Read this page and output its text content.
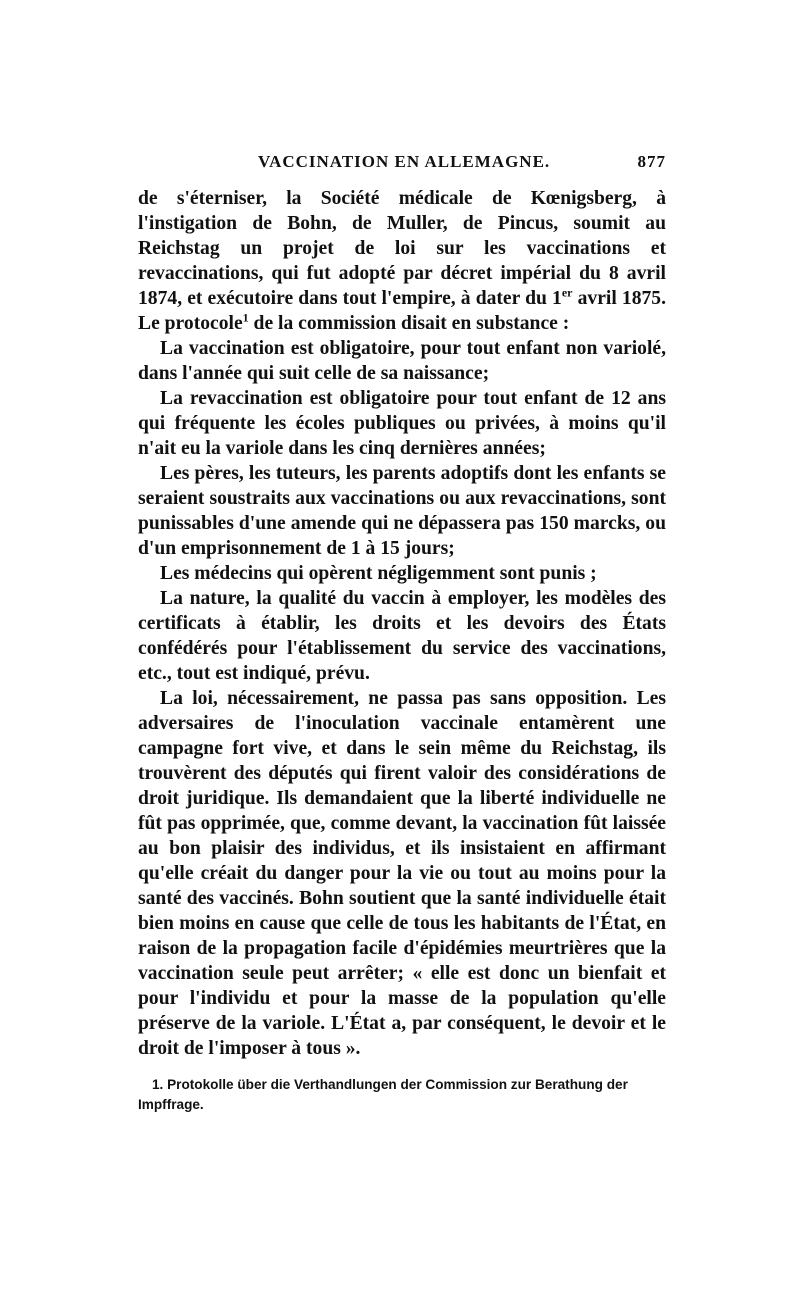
VACCINATION EN ALLEMAGNE.	877

de s'éterniser, la Société médicale de Kœnigsberg, à l'instigation de Bohn, de Muller, de Pincus, soumit au Reichstag un projet de loi sur les vaccinations et revaccinations, qui fut adopté par décret impérial du 8 avril 1874, et exécutoire dans tout l'empire, à dater du 1er avril 1875. Le protocole$^1$ de la commission disait en substance :

La vaccination est obligatoire, pour tout enfant non variolé, dans l'année qui suit celle de sa naissance;

La revaccination est obligatoire pour tout enfant de 12 ans qui fréquente les écoles publiques ou privées, à moins qu'il n'ait eu la variole dans les cinq dernières années;

Les pères, les tuteurs, les parents adoptifs dont les enfants se seraient soustraits aux vaccinations ou aux revaccinations, sont punissables d'une amende qui ne dépassera pas 150 marcks, ou d'un emprisonnement de 1 à 15 jours;

Les médecins qui opèrent négligemment sont punis ;

La nature, la qualité du vaccin à employer, les modèles des certificats à établir, les droits et les devoirs des États confédérés pour l'établissement du service des vaccinations, etc., tout est indiqué, prévu.

La loi, nécessairement, ne passa pas sans opposition. Les adversaires de l'inoculation vaccinale entamèrent une campagne fort vive, et dans le sein même du Reichstag, ils trouvèrent des députés qui firent valoir des considérations de droit juridique. Ils demandaient que la liberté individuelle ne fût pas opprimée, que, comme devant, la vaccination fût laissée au bon plaisir des individus, et ils insistaient en affirmant qu'elle créait du danger pour la vie ou tout au moins pour la santé des vaccinés. Bohn soutient que la santé individuelle était bien moins en cause que celle de tous les habitants de l'État, en raison de la propagation facile d'épidémies meurtrières que la vaccination seule peut arrêter; « elle est donc un bienfait et pour l'individu et pour la masse de la population qu'elle préserve de la variole. L'État a, par conséquent, le devoir et le droit de l'imposer à tous ».

1. Protokolle über die Verthandlungen der Commission zur Berathung der Impffrage.
